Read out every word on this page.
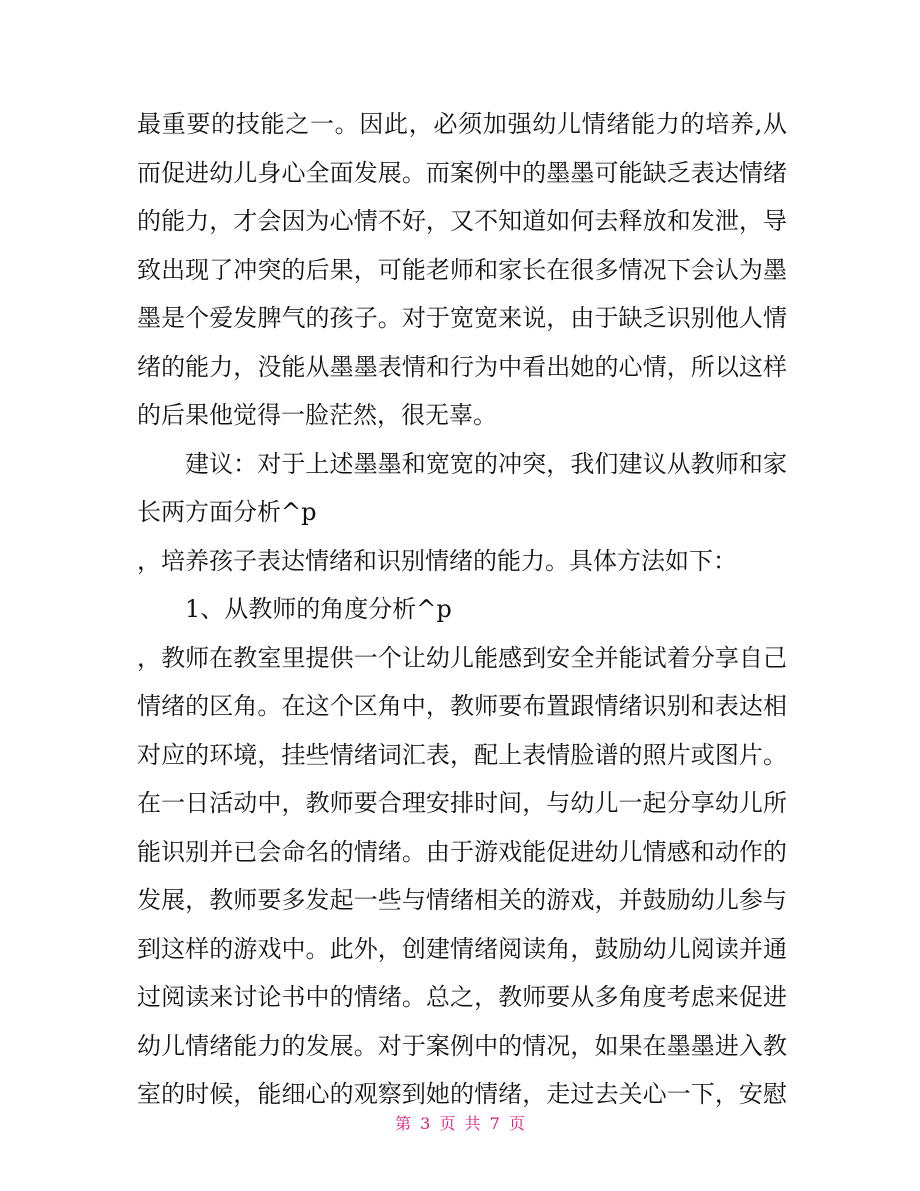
最重要的技能之一。因此，必须加强幼儿情绪能力的培养,从
而促进幼儿身心全面发展。而案例中的墨墨可能缺乏表达情绪
的能力，才会因为心情不好，又不知道如何去释放和发泄，导
致出现了冲突的后果，可能老师和家长在很多情况下会认为墨
墨是个爱发脾气的孩子。对于宽宽来说，由于缺乏识别他人情
绪的能力，没能从墨墨表情和行为中看出她的心情，所以这样
的后果他觉得一脸茫然，很无辜。
建议：对于上述墨墨和宽宽的冲突，我们建议从教师和家
长两方面分析^p
，培养孩子表达情绪和识别情绪的能力。具体方法如下：
1、从教师的角度分析^p
，教师在教室里提供一个让幼儿能感到安全并能试着分享自己
情绪的区角。在这个区角中，教师要布置跟情绪识别和表达相
对应的环境，挂些情绪词汇表，配上表情脸谱的照片或图片。
在一日活动中，教师要合理安排时间，与幼儿一起分享幼儿所
能识别并已会命名的情绪。由于游戏能促进幼儿情感和动作的
发展，教师要多发起一些与情绪相关的游戏，并鼓励幼儿参与
到这样的游戏中。此外，创建情绪阅读角，鼓励幼儿阅读并通
过阅读来讨论书中的情绪。总之，教师要从多角度考虑来促进
幼儿情绪能力的发展。对于案例中的情况，如果在墨墨进入教
室的时候，能细心的观察到她的情绪，走过去关心一下，安慰
第 3 页 共 7 页
